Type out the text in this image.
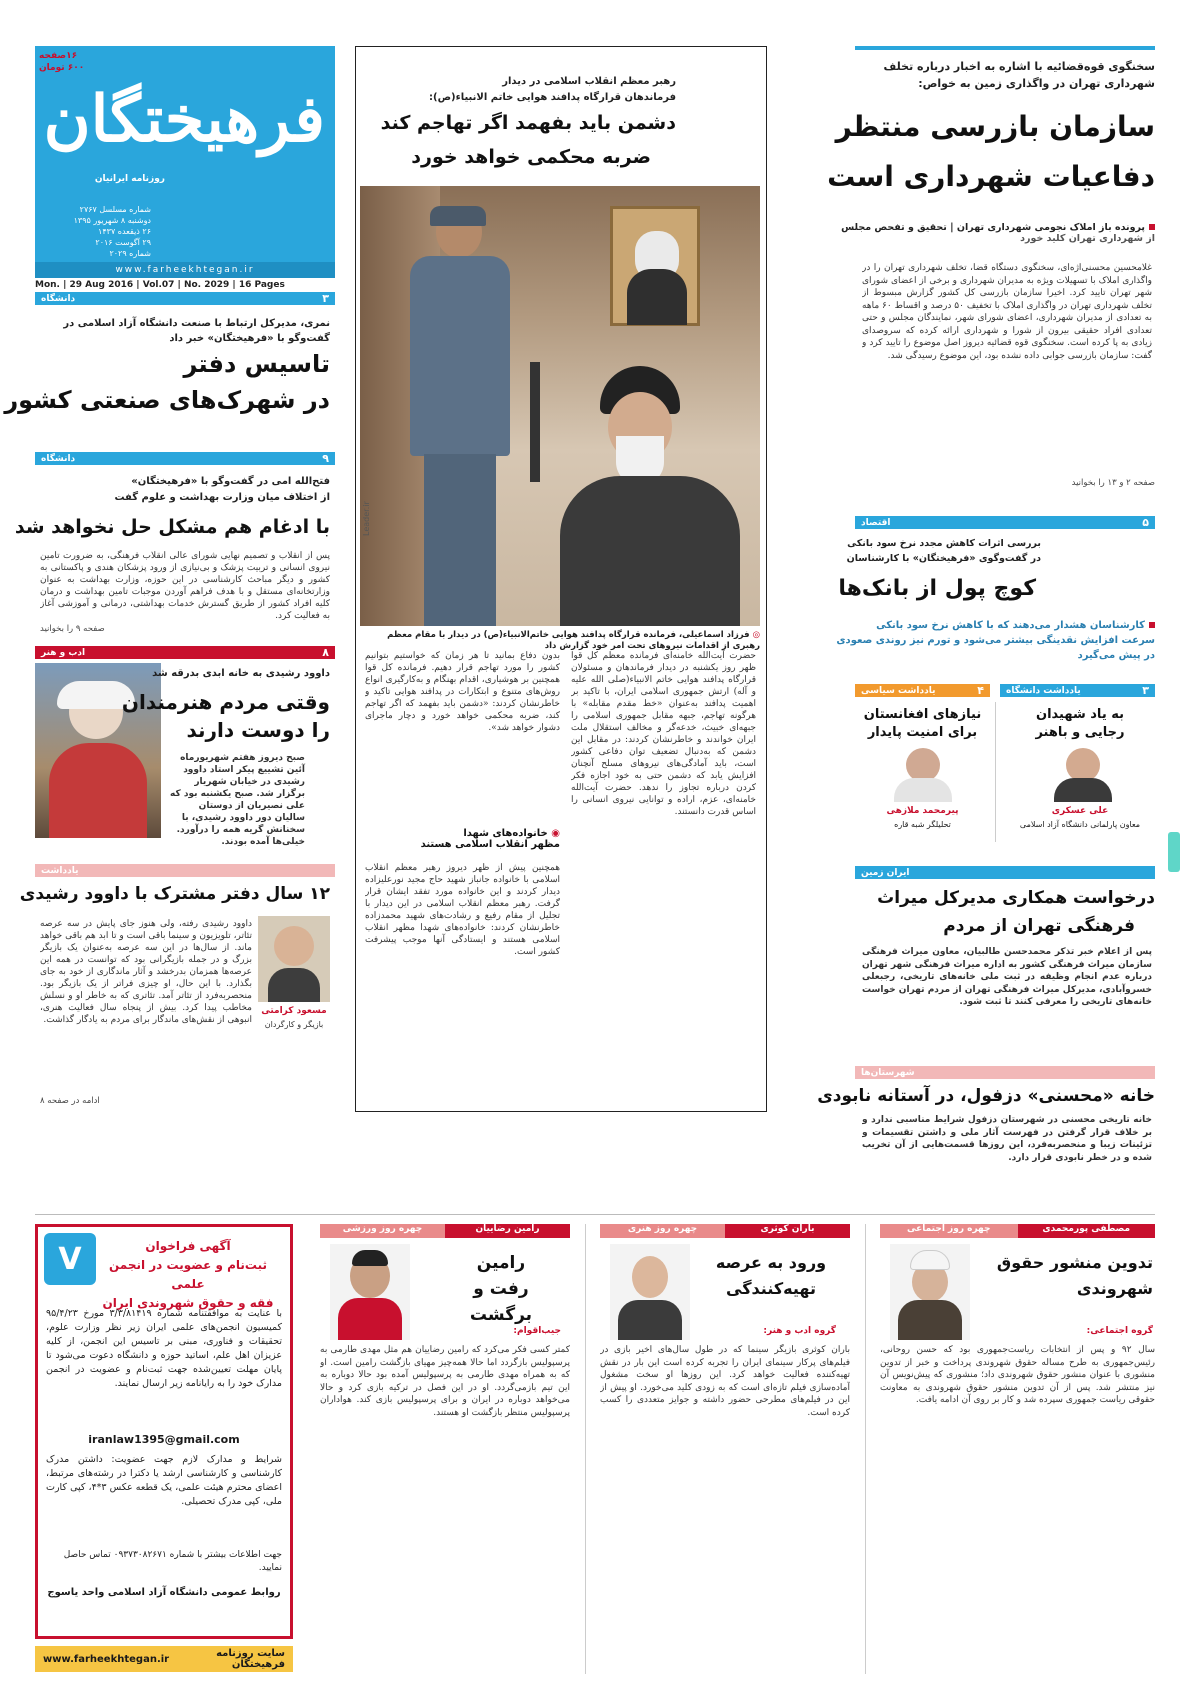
۱۶صفحه
۶۰۰ تومان
فرهیختگان
روزنامه ایرانیان
شماره مسلسل ۲۷۶۷
دوشنبه ۸ شهریور ۱۳۹۵
۲۶ ذیقعده ۱۴۳۷
۲۹ آگوست ۲۰۱۶
شماره ۲۰۲۹
www.farheekhtegan.ir
Mon. | 29 Aug 2016 | Vol.07 | No. 2029 | 16 Pages
۳
دانشگاه
نمری، مدیرکل ارتباط با صنعت دانشگاه آزاد اسلامی در گفت‌وگو با «فرهیختگان» خبر داد
تاسیس دفتر
در شهرک‌های صنعتی کشور
۹
دانشگاه
فتح‌الله امی در گفت‌وگو با «فرهیختگان»
از اختلاف میان وزارت بهداشت و علوم گفت
با ادغام هم مشکل حل نخواهد شد
پس از انقلاب و تصمیم نهایی شورای عالی انقلاب فرهنگی، به ضرورت تامین نیروی انسانی و تربیت پزشک و بی‌نیازی از ورود پزشکان هندی و پاکستانی به کشور و دیگر مباحث کارشناسی در این حوزه، وزارت بهداشت به عنوان وزارتخانه‌ای مستقل و با هدف فراهم آوردن موجبات تامین بهداشت و درمان کلیه افراد کشور از طریق گسترش خدمات بهداشتی، درمانی و آموزشی آغاز به فعالیت کرد.
صفحه ۹ را بخوانید
۸
ادب و هنر
داوود رشیدی به خانه ابدی بدرقه شد
وقتی مردم هنرمندان
را دوست دارند
صبح دیروز هفتم شهریورماه آئین تشییع پیکر استاد داوود رشیدی در خیابان شهریار برگزار شد. صبح یکشنبه بود که علی نصیریان از دوستان سالیان دور داوود رشیدی، با سخنانش گریه همه را درآورد. خیلی‌ها آمده بودند.
یادداشت
۱۲ سال دفتر مشترک با داوود رشیدی
مسعود کرامتی
بازیگر و کارگردان
داوود رشیدی رفته، ولی هنوز جای پایش در سه عرصه تئاتر، تلویزیون و سینما باقی است و تا ابد هم باقی خواهد ماند. از سال‌ها در این سه عرصه به‌عنوان یک بازیگر بزرگ و در جمله بازیگرانی بود که توانست در همه این عرصه‌ها همزمان بدرخشد و آثار ماندگاری از خود به جای بگذارد. با این حال، او چیزی فراتر از یک بازیگر بود. منحصربه‌فرد از تئاتر آمد. تئاتری که به خاطر او و نسلش مخاطب پیدا کرد. بیش از پنجاه سال فعالیت هنری، انبوهی از نقش‌های ماندگار برای مردم به یادگار گذاشت.
ادامه در صفحه ۸
رهبر معظم انقلاب اسلامی در دیدار
فرماندهان قرارگاه پدافند هوایی خاتم الانبیاء(ص):
دشمن باید بفهمد اگر تهاجم کند
ضربه محکمی خواهد خورد
Leader.ir
◎ فرزاد اسماعیلی، فرمانده قرارگاه پدافند هوایی خاتم‌الانبیاء(ص) در دیدار با مقام معظم رهبری از اقدامات نیروهای تحت امر خود گزارش داد
حضرت آیت‌الله خامنه‌ای فرمانده معظم کل قوا ظهر روز یکشنبه در دیدار فرماندهان و مسئولان قرارگاه پدافند هوایی خاتم الانبیاء(صلی الله علیه و آله) ارتش جمهوری اسلامی ایران، با تاکید بر اهمیت پدافند به‌عنوان «خط مقدم مقابله» با هرگونه تهاجم، جبهه مقابل جمهوری اسلامی را جبهه‌ای خبیث، خدعه‌گر و مخالف استقلال ملت ایران خواندند و خاطرنشان کردند: در مقابل این دشمن که به‌دنبال تضعیف توان دفاعی کشور است، باید آمادگی‌های نیروهای مسلح آنچنان افزایش یابد که دشمن حتی به خود اجازه فکر کردن درباره تجاوز را ندهد. حضرت آیت‌الله خامنه‌ای، عزم، اراده و توانایی نیروی انسانی را اساس قدرت دانستند.
بدون دفاع بمانید تا هر زمان که خواستیم بتوانیم کشور را مورد تهاجم قرار دهیم. فرمانده کل قوا همچنین بر هوشیاری، اقدام بهنگام و به‌کارگیری انواع روش‌های متنوع و ابتکارات در پدافند هوایی تاکید و خاطرنشان کردند: «دشمن باید بفهمد که اگر تهاجم کند، ضربه محکمی خواهد خورد و دچار ماجرای دشوار خواهد شد».
◉ خانواده‌های شهدا
مظهر انقلاب اسلامی هستند
همچنین پیش از ظهر دیروز رهبر معظم انقلاب اسلامی با خانواده جانباز شهید حاج مجید نورعلیزاده دیدار کردند و این خانواده مورد تفقد ایشان قرار گرفت. رهبر معظم انقلاب اسلامی در این دیدار با تجلیل از مقام رفیع و رشادت‌های شهید محمدزاده خاطرنشان کردند: خانواده‌های شهدا مظهر انقلاب اسلامی هستند و ایستادگی آنها موجب پیشرفت کشور است.
سخنگوی قوه‌قضائیه با اشاره به اخبار درباره تخلف شهرداری تهران در واگذاری زمین به خواص:
سازمان بازرسی منتظر
دفاعیات شهرداری است
پرونده باز املاک نجومی شهرداری تهران | تحقیق و تفحص مجلس
از شهرداری تهران کلید خورد
غلامحسین محسنی‌اژه‌ای، سخنگوی دستگاه قضا، تخلف شهرداری تهران را در واگذاری املاک با تسهیلات ویژه به مدیران شهرداری و برخی از اعضای شورای شهر تهران تایید کرد. اخیرا سازمان بازرسی کل کشور گزارش مبسوط از تخلف شهرداری تهران در واگذاری املاک با تخفیف ۵۰ درصد و اقساط ۶۰ ماهه به تعدادی از مدیران شهرداری، اعضای شورای شهر، نمایندگان مجلس و حتی تعدادی افراد حقیقی بیرون از شورا و شهرداری ارائه کرده که سروصدای زیادی به پا کرده است. سخنگوی قوه قضائیه دیروز اصل موضوع را تایید کرد و گفت: سازمان بازرسی جوابی داده نشده بود، این موضوع رسیدگی شد.
صفحه ۲ و ۱۳ را بخوانید
۵
اقتصاد
بررسی اثرات کاهش مجدد نرخ سود بانکی
در گفت‌وگوی «فرهیختگان» با کارشناسان
کوچ پول از بانک‌ها
کارشناسان هشدار می‌دهند که با کاهش نرخ سود بانکی
سرعت افزایش نقدینگی بیشتر می‌شود و تورم نیز روندی صعودی
در پیش می‌گیرد
۴
یادداشت سیاسی	۳
یادداشت دانشگاه
نیازهای افغانستان
برای امنیت پایدار
به یاد شهیدان
رجایی و باهنر
پیرمحمد ملازهی
تحلیلگر شبه قاره
علی عسکری
معاون پارلمانی دانشگاه آزاد اسلامی
ایران زمین
درخواست همکاری مدیرکل میراث
فرهنگی تهران از مردم
پس از اعلام خبر تذکر محمدحسن طالبیان، معاون میراث فرهنگی سازمان میراث فرهنگی کشور به اداره میراث فرهنگی شهر تهران درباره عدم انجام وظیفه در ثبت ملی خانه‌های تاریخی، رجبعلی خسروآبادی، مدیرکل میراث فرهنگی تهران از مردم تهران خواست خانه‌های تاریخی را معرفی کنند تا ثبت شود.
شهرستان‌ها
خانه «محسنی» دزفول، در آستانه نابودی
خانه تاریخی محسنی در شهرستان دزفول شرایط مناسبی ندارد و بر خلاف قرار گرفتن در فهرست آثار ملی و داشتن تقسیمات و تزئینات زیبا و منحصربه‌فرد، این روزها قسمت‌هایی از آن تخریب شده و در خطر نابودی قرار دارد.
V	آگهی فراخوان
ثبت‌نام و عضویت در انجمن علمی
فقه و حقوق شهروندی ایران
با عنایت به موافقتنامه شماره ۳/۳/۸۱۴۱۹ مورخ ۹۵/۴/۲۳ کمیسیون انجمن‌های علمی ایران زیر نظر وزارت علوم، تحقیقات و فناوری، مبنی بر تاسیس این انجمن، از کلیه عزیزان اهل علم، اساتید حوزه و دانشگاه دعوت می‌شود تا پایان مهلت تعیین‌شده جهت ثبت‌نام و عضویت در انجمن مدارک خود را به رایانامه زیر ارسال نمایند.
iranlaw1395@gmail.com
شرایط و مدارک لازم جهت عضویت: داشتن مدرک کارشناسی و کارشناسی ارشد یا دکترا در رشته‌های مرتبط، اعضای محترم هیئت علمی، یک قطعه عکس ۳*۴، کپی کارت ملی، کپی مدرک تحصیلی.
جهت اطلاعات بیشتر با شماره ۰۹۳۷۳۰۸۲۶۷۱ تماس حاصل نمایید.
روابط عمومی دانشگاه آزاد اسلامی واحد یاسوج
سایت روزنامه فرهیختگان
www.farheekhtegan.ir
رامین رضاییان
چهره روز ورزشی
رامین
رفت و برگشت
جیب‌اقوام:
کمتر کسی فکر می‌کرد که رامین رضاییان هم مثل مهدی طارمی به پرسپولیس بازگردد اما حالا همه‌چیز مهیای بازگشت رامین است. او که به همراه مهدی طارمی به پرسپولیس آمده بود حالا دوباره به این تیم بازمی‌گردد. او در این فصل در ترکیه بازی کرد و حالا می‌خواهد دوباره در ایران و برای پرسپولیس بازی کند. هواداران پرسپولیس منتظر بازگشت او هستند.
باران کوثری
چهره روز هنری
ورود به عرصه
تهیه‌کنندگی
گروه ادب و هنر:
باران کوثری بازیگر سینما که در طول سال‌های اخیر بازی در فیلم‌های پرکار سینمای ایران را تجربه کرده است این بار در نقش تهیه‌کننده فعالیت خواهد کرد. این روزها او سخت مشغول آماده‌سازی فیلم تازه‌ای است که به زودی کلید می‌خورد. او پیش از این در فیلم‌های مطرحی حضور داشته و جوایز متعددی را کسب کرده است.
مصطفی پورمحمدی
چهره روز اجتماعی
تدوین منشور حقوق
شهروندی
گروه اجتماعی:
سال ۹۲ و پس از انتخابات ریاست‌جمهوری بود که حسن روحانی، رئیس‌جمهوری به طرح مساله حقوق شهروندی پرداخت و خبر از تدوین منشوری با عنوان منشور حقوق شهروندی داد؛ منشوری که پیش‌نویس آن نیز منتشر شد. پس از آن تدوین منشور حقوق شهروندی به معاونت حقوقی ریاست جمهوری سپرده شد و کار بر روی آن ادامه یافت.
